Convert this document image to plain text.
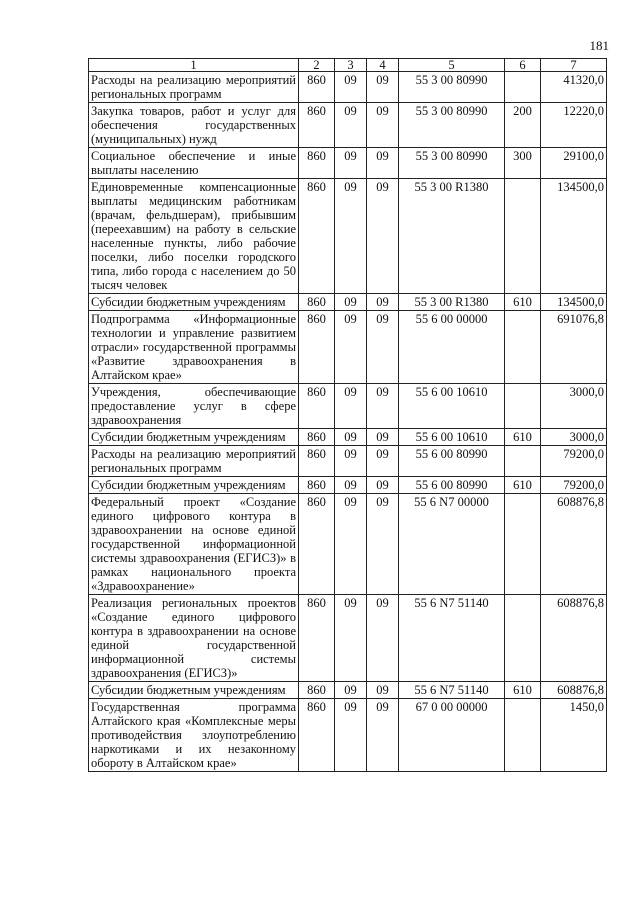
181
1	2	3	4	5	6	7
Расходы на реализацию мероприятий региональных программ	860	09	09	55 3 00 80990		41320,0
Закупка товаров, работ и услуг для обеспечения государственных (муниципальных) нужд	860	09	09	55 3 00 80990	200	12220,0
Социальное обеспечение и иные выплаты населению	860	09	09	55 3 00 80990	300	29100,0
Единовременные компенсационные выплаты медицинским работникам (врачам, фельдшерам), прибывшим (переехавшим) на работу в сельские населенные пункты, либо рабочие поселки, либо поселки городского типа, либо города с населением до 50 тысяч человек	860	09	09	55 3 00 R1380		134500,0
Субсидии бюджетным учреждениям	860	09	09	55 3 00 R1380	610	134500,0
Подпрограмма «Информационные технологии и управление развитием отрасли» государственной программы «Развитие здравоохранения в Алтайском крае»	860	09	09	55 6 00 00000		691076,8
Учреждения, обеспечивающие предоставление услуг в сфере здравоохранения	860	09	09	55 6 00 10610		3000,0
Субсидии бюджетным учреждениям	860	09	09	55 6 00 10610	610	3000,0
Расходы на реализацию мероприятий региональных программ	860	09	09	55 6 00 80990		79200,0
Субсидии бюджетным учреждениям	860	09	09	55 6 00 80990	610	79200,0
Федеральный проект «Создание единого цифрового контура в здравоохранении на основе единой государственной информационной системы здравоохранения (ЕГИСЗ)» в рамках национального проекта «Здравоохранение»	860	09	09	55 6 N7 00000		608876,8
Реализация региональных проектов «Создание единого цифрового контура в здравоохранении на основе единой государственной информационной системы здравоохранения (ЕГИСЗ)»	860	09	09	55 6 N7 51140		608876,8
Субсидии бюджетным учреждениям	860	09	09	55 6 N7 51140	610	608876,8
Государственная программа Алтайского края «Комплексные меры противодействия злоупотреблению наркотиками и их незаконному обороту в Алтайском крае»	860	09	09	67 0 00 00000		1450,0
